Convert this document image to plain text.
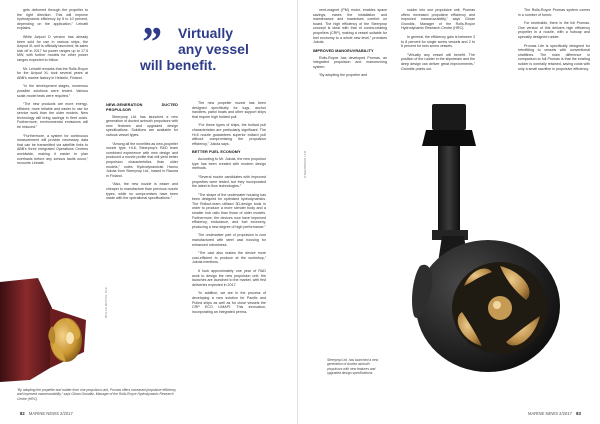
gets delivered through the propeller to the right direction. This will improve hydrodynamic efficiency by 5 to 10 percent, depending on the application,” Leinatti explains.

While Azipod D version has already been sold for use in various ships, the Azipod XL unit is officially launched; its sales kick off in 2017 for power ranges up to 17.5 MW, with further models for other power ranges expected to follow.

Mr. Leinatti remarks that the Rolls-Royce for the Azipod XL took several years at ABB’s marine factory in Helsinki, Finland.

“In the development stages, numerous possible solutions were tested. Various scale-model tests were required.”

“The new products are more energy-efficient, more reliable and easier to use for service work than the older models. New technology will bring savings in fleet costs. Furthermore, environmental emissions will be reduced.”

“Furthermore, a system for continuous measurement will provide necessary data that can be transmitted via satellite links to ABB’s three Integrated Operations Centres worldwide, making it easier to plan overhauls before any serious faults occur,” recounts Leinatti.

NEW-GENERATION DUCTED PROPULSOR

Steerprop Ltd. has launched a new generation of ducted azimuth propulsors with new features and upgraded design specifications. Solutions are available for various vessel types.

“Among all the novelties as new-propeller nozzle type, Hi-6, Steerprop’s R&D team combined experience with new design and produced a nozzle profile that will yield better propulsion characteristics than older models,” notes Hydrodynamicist Hannu Jukola from Steerprop Ltd., based in Rauma in Finland.

“Also, the new nozzle is easier and cheaper to manufacture than previous nozzle types, while no compromises have been made with the operational specifications.”

The new propeller nozzle has been designed specifically for tugs, anchor handlers, patrol boats and other support ships that require high bollard pull.

“For these types of ships, the bollard pull characteristics are particularly significant. The Hi-6 nozzle guarantees superior bollard pull without compromising the propulsion efficiency,” Jukola says.

BETTER FUEL ECONOMY

According to Mr. Jukola, the new propulsor type has been created with modern design methods.

“Several nozzle candidates with improved properties were tested, but they incorporated the latest in flow technologies.”

“The shape of the underwater housing has been designed for optimised hydrodynamics. The Rollout-team utilised 3D-design tools in order to produce a more slender body and a smaller hub ratio than those of older models. Furthermore, the devices now have improved efficiency, endurance, and fuel economy, producing a new degree of high performance.”

The underwater part of propulsion is now manufactured with steel cast housing for enhanced robustness.

“The cast also makes the device more cost-efficient to produce at the workshop,” Jukola mentions.

It took approximately one year of R&D work to design the new propulsion unit; the launches are launched to the market, with first deliveries expected in 2017.

“In addition, we are in the process of developing a new solution for Pacific and Pulled ships as well as for close vessels the CRP ECO LIMAPI. This innovation, incorporating an integrated perma-

” Virtually
any vessel
will benefit.
ROLLS-ROYCE PLC
“By adopting the propeller and rudder from one propulsion unit, Promas offers increased propulsive efficiency and improved manoeuvrability,” says Göran Grunditz, Manager of the Rolls-Royce Hydrodynamic Research Centre (HRC).
82 MARINE NEWS 2/2017

nent-magnet (PM) motor, enables space savings, eases the installation and maintenance and maximises comfort on board. The high efficiency of the Steerprop concept is ideal with that of contra-rotating propellers (CRP), making a vessel suitable for fuel economy to a whole new level,” promises Jukola.

IMPROVED MANOEUVRABILITY

Rolls-Royce has developed Promas, an integrated propulsion and manoeuvring system.

“By adopting the propeller and

rudder into one propulsive unit, Promas offers increased propulsive efficiency and improved manoeuvrability,” says Göran Grunditz, Manager of the Rolls-Royce Hydrodynamic Research Centre (HRC).

In general, the efficiency gain is between 3 to 8 percent for single screw vessels and 2 to 6 percent for twin screw vessels.

“Virtually any vessel will benefit. The position of the rudder in the slipstream and the deep design can deliver great improvements,” Grunditz points out.

The Rolls-Royce Promas system comes in a number of forms:

For newbuilds, there is the full Promas. One version of this delivers high efficiency propeller in a nozzle, with a hubcap and specially designed rudder.

Promas Lite is specifically designed for retrofitting to vessels with conventional shaftlines. The main difference in comparison to full Promas is that the existing rudder is normally retained, saving costs with only a small sacrifice in propulsive efficiency.

STEERPROP LTD.
Steerprop Ltd. has launched a new generation of ducted azimuth propulsors with new features and upgraded design specifications.
MARINE NEWS 2/2017 83
